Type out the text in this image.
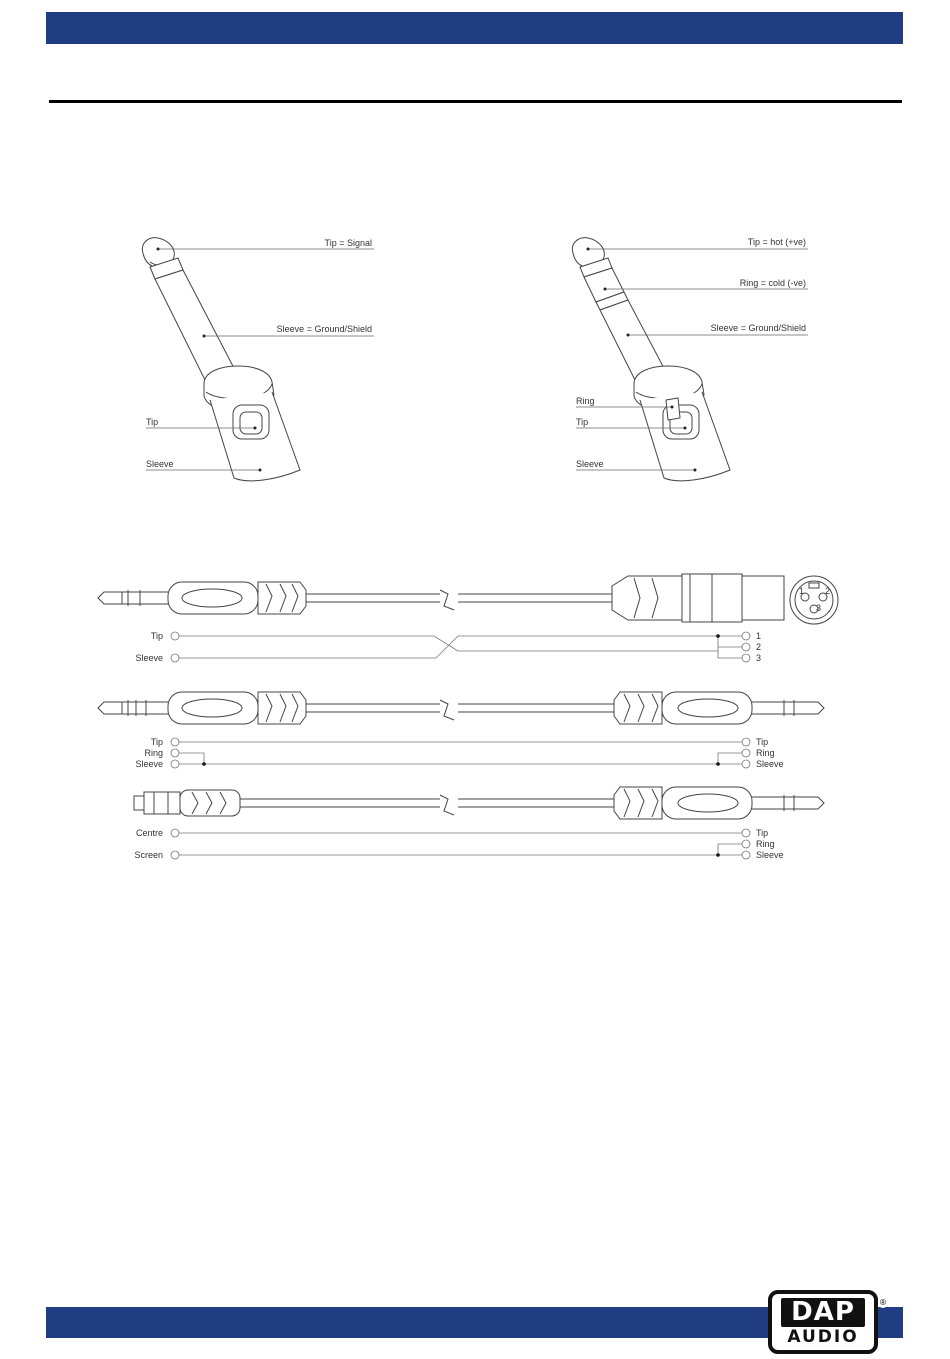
Tip = Signal
Sleeve = Ground/Shield
Tip
Sleeve
Tip = hot (+ve)
Ring = cold (-ve)
Sleeve = Ground/Shield
Ring
Tip
Sleeve
1 2
3
Tip
Sleeve
1
2
3
Tip
Ring
Sleeve
Tip
Ring
Sleeve
Centre
Screen
Tip
Ring
Sleeve
DAP	®
AUDIO
